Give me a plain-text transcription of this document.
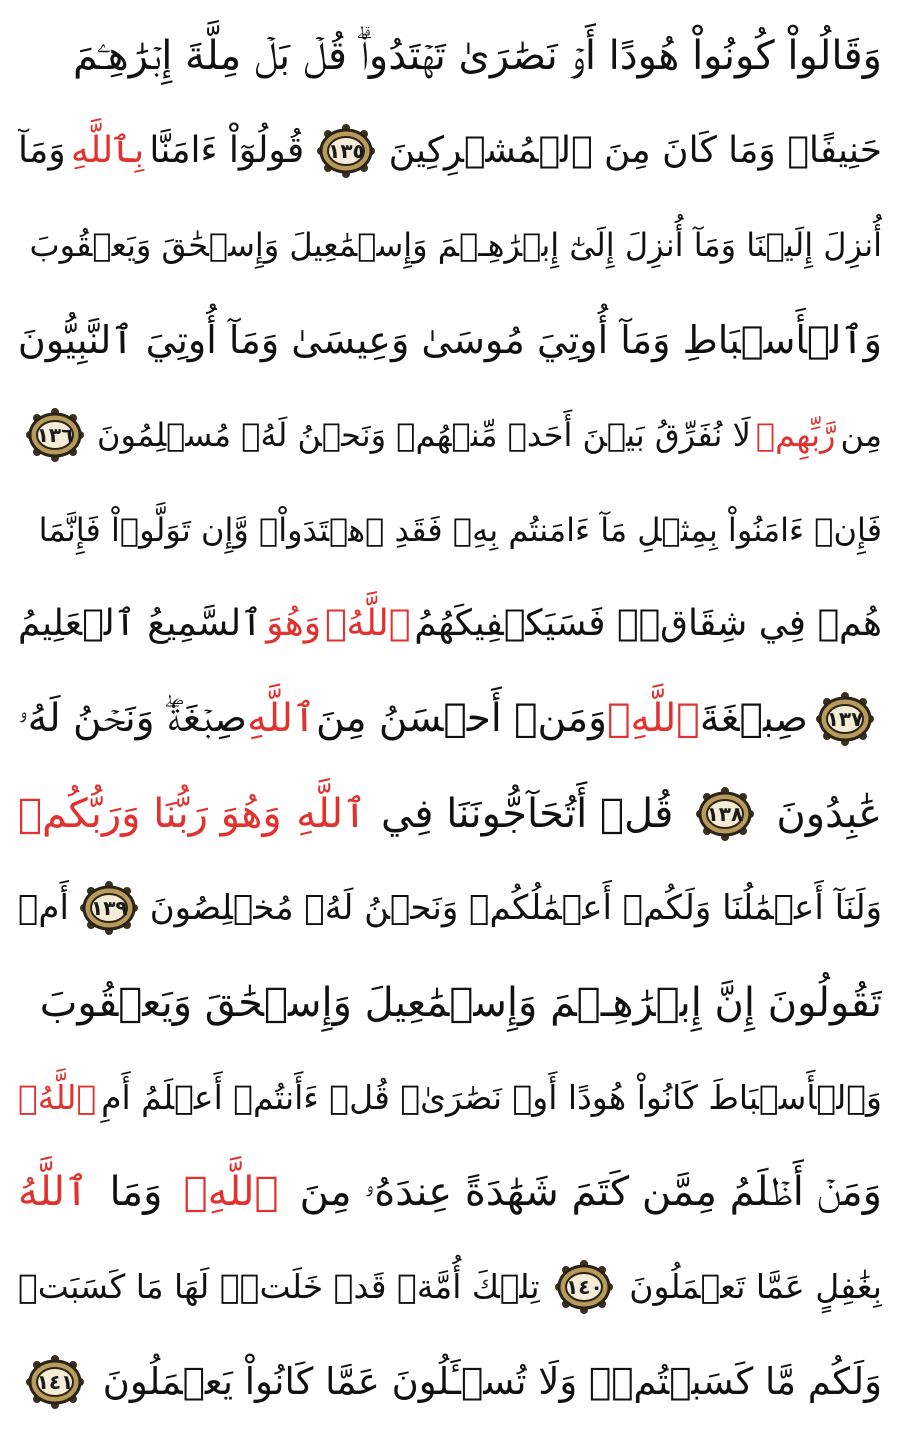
وَقَالُواْ كُونُواْ هُودًا أَوۡ نَصَٰرَىٰ تَهۡتَدُواْۗ قُلۡ بَلۡ مِلَّةَ إِبۡرَٰهِـۧمَ
حَنِيفًاۖ وَمَا كَانَ مِنَ ٱلۡمُشۡرِكِينَ
١٣٥
قُولُوٓاْ ءَامَنَّا
بِٱللَّهِ
وَمَآ
أُنزِلَ إِلَيۡنَا وَمَآ أُنزِلَ إِلَىٰٓ إِبۡرَٰهِـۧمَ وَإِسۡمَٰعِيلَ وَإِسۡحَٰقَ وَيَعۡقُوبَ
وَٱلۡأَسۡبَاطِ وَمَآ أُوتِيَ مُوسَىٰ وَعِيسَىٰ وَمَآ أُوتِيَ ٱلنَّبِيُّونَ
مِن
رَّبِّهِمۡ
لَا نُفَرِّقُ بَيۡنَ أَحَدٖ مِّنۡهُمۡ وَنَحۡنُ لَهُۥ مُسۡلِمُونَ
١٣٦
فَإِنۡ ءَامَنُواْ بِمِثۡلِ مَآ ءَامَنتُم بِهِۦ فَقَدِ ٱهۡتَدَواْۖ وَّإِن تَوَلَّوۡاْ فَإِنَّمَا
هُمۡ فِي شِقَاقٖۖ فَسَيَكۡفِيكَهُمُ
ٱللَّهُۚ
وَهُوَ
ٱلسَّمِيعُ ٱلۡعَلِيمُ
١٣٧
صِبۡغَةَ
ٱللَّهِۖ
وَمَنۡ أَحۡسَنُ مِنَ
ٱللَّهِ
صِبۡغَةٗۖ وَنَحۡنُ لَهُۥ
عَٰبِدُونَ
١٣٨
قُلۡ أَتُحَآجُّونَنَا فِي
ٱللَّهِ
وَهُوَ رَبُّنَا وَرَبُّكُمۡ
وَلَنَآ أَعۡمَٰلُنَا وَلَكُمۡ أَعۡمَٰلُكُمۡ وَنَحۡنُ لَهُۥ مُخۡلِصُونَ
١٣٩
أَمۡ
تَقُولُونَ إِنَّ إِبۡرَٰهِـۧمَ وَإِسۡمَٰعِيلَ وَإِسۡحَٰقَ وَيَعۡقُوبَ
وَٱلۡأَسۡبَاطَ كَانُواْ هُودًا أَوۡ نَصَٰرَىٰۗ قُلۡ ءَأَنتُمۡ أَعۡلَمُ أَمِ
ٱللَّهُۗ
وَمَنۡ أَظۡلَمُ مِمَّن كَتَمَ شَهَٰدَةً عِندَهُۥ مِنَ
ٱللَّهِۗ
وَمَا
ٱللَّهُ
بِغَٰفِلٍ عَمَّا تَعۡمَلُونَ
١٤٠
تِلۡكَ أُمَّةٞ قَدۡ خَلَتۡۖ لَهَا مَا كَسَبَتۡ
وَلَكُم مَّا كَسَبۡتُمۡۖ وَلَا تُسۡـَٔلُونَ عَمَّا كَانُواْ يَعۡمَلُونَ
١٤١
